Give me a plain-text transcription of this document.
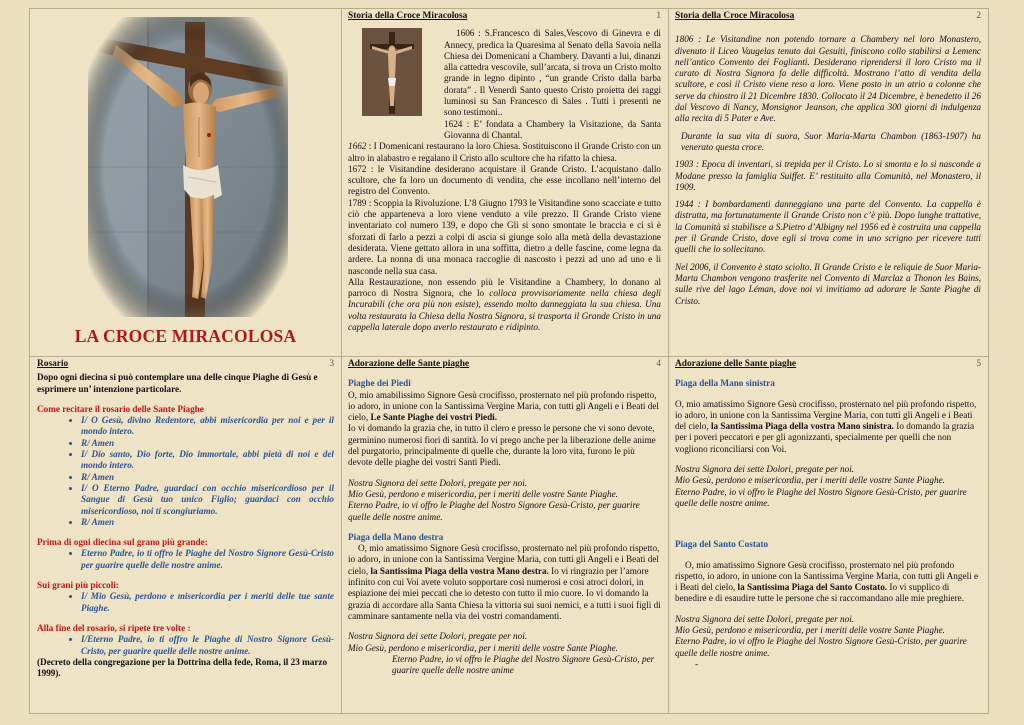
LA CROCE MIRACOLOSA
Storia della Croce Miracolosa	1

1606 : S.Francesco di Sales,Vescovo di Ginevra e di Annecy, predica la Quaresima al Senato della Savoia nella Chiesa dei Domenicani a Chambery. Davanti a lui, dinanzi alla cattedra vescovile, sull’arcata, si trova un Cristo molto grande in legno dipinto , “un grande Cristo dalla barba dorata” . Il Venerdì Santo questo Cristo proietta dei raggi luminosi su San Francesco di Sales . Tutti i presenti ne sono testimoni..

1624 : E’ fondata a Chambery la Visitazione, da Santa Giovanna di Chantal.

1662 : I Domenicani restaurano la loro Chiesa. Sostituiscono il Grande Cristo con un altro in alabastro e regalano il Cristo allo scultore che ha rifatto la chiesa.

1672 : le Visitandine desiderano acquistare il Grande Cristo. L’acquistano dallo scultore, che fa loro un documento di vendita, che esse incollano nell’interno del registro del Convento.

1789 : Scoppia la Rivoluzione. L’8 Giugno 1793 le Visitandine sono scacciate e tutto ciò che apparteneva a loro viene venduto a vile prezzo. Il Grande Cristo viene inventariato col numero 139, e dopo che Gli si sono smontate le braccia e ci si è sforzati di farlo a pezzi a colpi di ascia si giunge solo alla metà della devastazione desiderata. Viene gettato allora in una soffitta, dietro a delle fascine, come legna da ardere. La nonna di una monaca raccoglie di nascosto i pezzi ad uno ad uno e li nasconde nella sua casa.

Alla Restaurazione, non essendo più le Visitandine a Chambery, lo donano al parroco di Nostra Signora, che lo colloca provvisoriamente nella chiesa degli Incurabili (che ora più non esiste), essendo molto danneggiata la sua chiesa. Una volta restaurata la Chiesa della Nostra Signora, si trasporta il Grande Cristo in una cappella laterale dopo averlo restaurato e ridipinto.

Storia della Croce Miracolosa	2

1806 : Le Visitandine non potendo tornare a Chambery nel loro Monastero, divenuto il Liceo Vaugelas tenuto dai Gesuiti, finiscono collo stabilirsi a Lemenc nell’antico Convento dei Foglianti. Desiderano riprendersi il loro Cristo ma il curato di Nostra Signora fa delle difficoltà. Mostrano l’atto di vendita della scultore, e così il Cristo viene reso a loro. Viene posto in un atrio a colonne che serve da chiostro il 21 Dicembre 1830. Collocato il 24 Dicembre, è benedetto il 26 dal Vescovo di Nancy, Monsignor Jeanson, che applica 300 giorni di indulgenza alla recita di 5 Pater e Ave.

Durante la sua vita di suora, Suor Maria-Marta Chambon (1863-1907) ha venerato questa croce.

1903 : Epoca di inventari, si trepida per il Cristo. Lo si smonta e lo si nasconde a Modane presso la famiglia Suiffet. E’ restituito alla Comunità, nel Monastero, il 1909.

1944 : I bombardamenti danneggiano una parte del Convento. La cappella è distrutta, ma fortunatamente il Grande Cristo non c’è più. Dopo lunghe trattative, la Comunità si stabilisce a S.Pietro d’Albigny nel 1956 ed è costruita una cappella per il Grande Cristo, dove egli si trova come in uno scrigno per ricevere tutti quelli che lo sollecitano.

Nel 2006, il Convento è stato sciolto. Il Grande Cristo e le reliquie de Suor Maria-Marta Chambon vengono trasferite nel Convento di Marclaz a Thonon les Bains, sulle rive del lago Léman, dove noi vi invitiamo ad adorare le Sante Piaghe di Cristo.

Rosario	3

Dopo ogni diecina si può contemplare una delle cinque Piaghe di Gesù e esprimere un’ intenzione particolare.

Come recitare il rosario delle Sante Piaghe

• I/ O Gesù, divino Redentore, abbi misericordia per noi e per il mondo intero.
• R/ Amen
• I/ Dio santo, Dio forte, Dio immortale, abbi pietà di noi e del mondo intero.
• R/ Amen
• I/ O Eterno Padre, guardaci con occhio misericordioso per il Sangue di Gesù tuo unico Figlio; guardaci con occhio misericordioso, noi ti scongiuriamo.
• R/ Amen

Prima di ogni diecina sul grano più grande:

• Eterno Padre, io ti offro le Piaghe del Nostro Signore Gesù-Cristo per guarire quelle delle nostre anime.

Sui grani più piccoli:

• I/ Mio Gesù, perdono e misericordia per i meriti delle tue sante Piaghe.

Alla fine del rosario, si ripete tre volte :

• I/Eterno Padre, io ti offro le Piaghe di Nostro Signore Gesù-Cristo, per guarire quelle delle nostre anime.

(Decreto della congregazione per la Dottrina della fede, Roma, il 23 marzo 1999).

Adorazione delle Sante piaghe	4

Piaghe dei Piedi

O, mio amabilissimo Signore Gesù crocifisso, prosternato nel più profondo rispetto, io adoro, in unione con la Santissima Vergine Maria, con tutti gli Angeli e i Beati del cielo, Le Sante Piaghe dei vostri Piedi.

Io vi domando la grazia che, in tutto il clero e presso le persone che vi sono devote, germinino numerosi fiori di santità. Io vi prego anche per la liberazione delle anime del purgatorio, principalmente di quelle che, durante la loro vita, furono le più devote delle piaghe dei vostri Santi Piedi.

Nostra Signora dei sette Dolori, pregate per noi.

Mio Gesù, perdono e misericordia, per i meriti delle vostre Sante Piaghe.

Eterno Padre, io vi offro le Piaghe del Nostro Signore Gesù-Cristo, per guarire quelle delle nostre anime.

Piaga della Mano destra

O, mio amatissimo Signore Gesù crocifisso, prosternato nel più profondo rispetto, io adoro, in unione con la Santissima Vergine Maria, con tutti gli Angeli e i Beati del cielo, la Santissima Piaga della vostra Mano destra. Io vi ringrazio per l’amore infinito con cui Voi avete voluto sopportare così numerosi e così atroci dolori, in espiazione dei miei peccati che io detesto con tutto il mio cuore. Io vi domando la grazia di accordare alla Santa Chiesa la vittoria sui suoi nemici, e a tutti i suoi figli di camminare santamente nella via dei vostri comandamenti.

Nostra Signora dei sette Dolori, pregate per noi.

Mio Gesù, perdono e misericordia, per i meriti delle vostre Sante Piaghe.

Eterno Padre, io vi offro le Piaghe del Nostro Signore Gesù-Cristo, per guarire quelle delle nostre anime

Adorazione delle Sante piaghe	5

Piaga della Mano sinistra

O, mio amatissimo Signore Gesù crocifisso, prosternato nel più profondo rispetto, io adoro, in unione con la Santissima Vergine Maria, con tutti gli Angeli e i Beati del cielo, la Santissima Piaga della vostra Mano sinistra. Io domando la grazia per i poveri peccatori e per gli agonizzanti, specialmente per quelli che non vogliono riconciliarsi con Voi.

Nostra Signora dei sette Dolori, pregate per noi.

Mio Gesù, perdono e misericordia, per i meriti delle vostre Sante Piaghe.

Eterno Padre, io vi offro le Piaghe del Nostro Signore Gesù-Cristo, per guarire quelle delle nostre anime.

Piaga del Santo Costato

O, mio amatissimo Signore Gesù crocifisso, prosternato nel più profondo rispetto, io adoro, in unione con la Santissima Vergine Maria, con tutti gli Angeli e i Beati del cielo, la Santissima Piaga del Santo Costato. Io vi supplico di benedire e di esaudire tutte le persone che si raccomandano alle mie preghiere.

Nostra Signora dei sette Dolori, pregate per noi.

Mio Gesù, perdono e misericordia, per i meriti delle vostre Sante Piaghe.

Eterno Padre, io vi offro le Piaghe del Nostro Signore Gesù-Cristo, per guarire quelle delle nostre anime.

-
